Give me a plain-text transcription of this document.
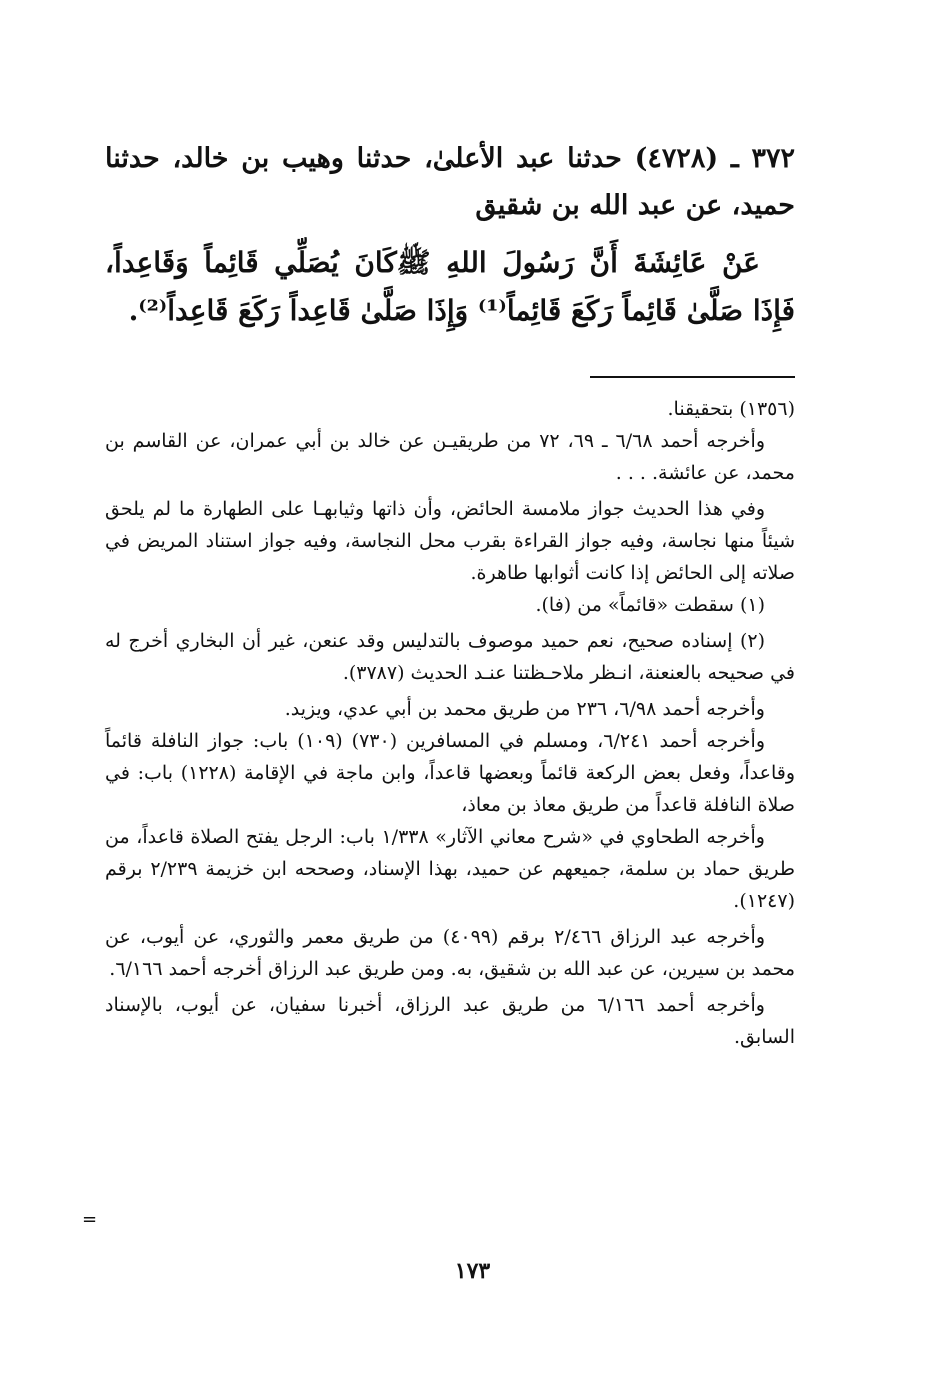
٣٧٢ ـ (٤٧٢٨) حدثنا عبد الأعلىٰ، حدثنا وهيب بن خالد، حدثنا حميد، عن عبد الله بن شقيق

عَنْ عَائِشَةَ أَنَّ رَسُولَ اللهِ ﷺكَانَ يُصَلِّي قَائِماً وَقَاعِداً، فَإِذَا صَلَّىٰ قَائِماً رَكَعَ قَائِماً⁽¹⁾ وَإِذَا صَلَّىٰ قَاعِداً رَكَعَ قَاعِداً⁽²⁾.

(١٣٥٦) بتحقيقنا.

وأخرجه أحمد ٦/٦٨ ـ ٦٩، ٧٢ من طريقيـن عن خالد بن أبي عمران، عن القاسم بن محمد، عن عائشة. . . .

وفي هذا الحديث جواز ملامسة الحائض، وأن ذاتها وثيابهـا على الطهارة ما لم يلحق شيئاً منها نجاسة، وفيه جواز القراءة بقرب محل النجاسة، وفيه جواز استناد المريض في صلاته إلى الحائض إذا كانت أثوابها طاهرة.

(١) سقطت «قائماً» من (فا).

(٢) إسناده صحيح، نعم حميد موصوف بالتدليس وقد عنعن، غير أن البخاري أخرج له في صحيحه بالعنعنة، انـظر ملاحـظتنا عنـد الحديث (٣٧٨٧).

وأخرجه أحمد ٦/٩٨، ٢٣٦ من طريق محمد بن أبي عدي، ويزيد.

وأخرجه أحمد ٦/٢٤١، ومسلم في المسافرين (٧٣٠) (١٠٩) باب: جواز النافلة قائماً وقاعداً، وفعل بعض الركعة قائماً وبعضها قاعداً، وابن ماجة في الإقامة (١٢٢٨) باب: في صلاة النافلة قاعداً من طريق معاذ بن معاذ،

وأخرجه الطحاوي في «شرح معاني الآثار» ١/٣٣٨ باب: الرجل يفتح الصلاة قاعداً، من طريق حماد بن سلمة، جميعهم عن حميد، بهذا الإسناد، وصححه ابن خزيمة ٢/٢٣٩ برقم (١٢٤٧).

وأخرجه عبد الرزاق ٢/٤٦٦ برقم (٤٠٩٩) من طريق معمر والثوري، عن أيوب، عن محمد بن سيرين، عن عبد الله بن شقيق، به. ومن طريق عبد الرزاق أخرجه أحمد ٦/١٦٦.

وأخرجه أحمد ٦/١٦٦ من طريق عبد الرزاق، أخبرنا سفيان، عن أيوب، بالإسناد السابق.

=
١٧٣
